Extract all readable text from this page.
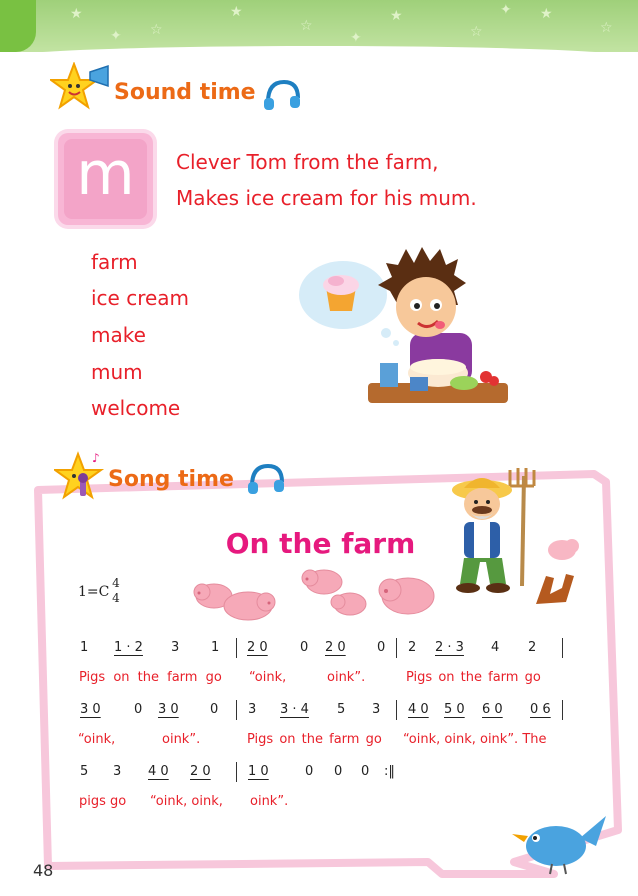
★
☆
★
☆
★
☆
★
☆
✦	✦
✦
Sound time
m	Clever Tom from the farm,
Makes ice cream for his mum.
farm
ice cream
make
mum
welcome
♪
Song time
On the farm
1=C
4
4
1 1 · 2 3 1 2 0 0 2 0 0 2 2 · 3 4 2
Pigs on the farm go “oink,	oink”.	Pigs on the farm go
3 0	0 3 0 0 3 3 · 4 5 3 4 0 5 0 6 0 0 6
“oink,	oink”.	Pigs on the farm go “oink, oink, oink”. The
5 3 4 0 2 0	1 0	0 0 0 :‖
pigs go “oink, oink, oink”.
48
